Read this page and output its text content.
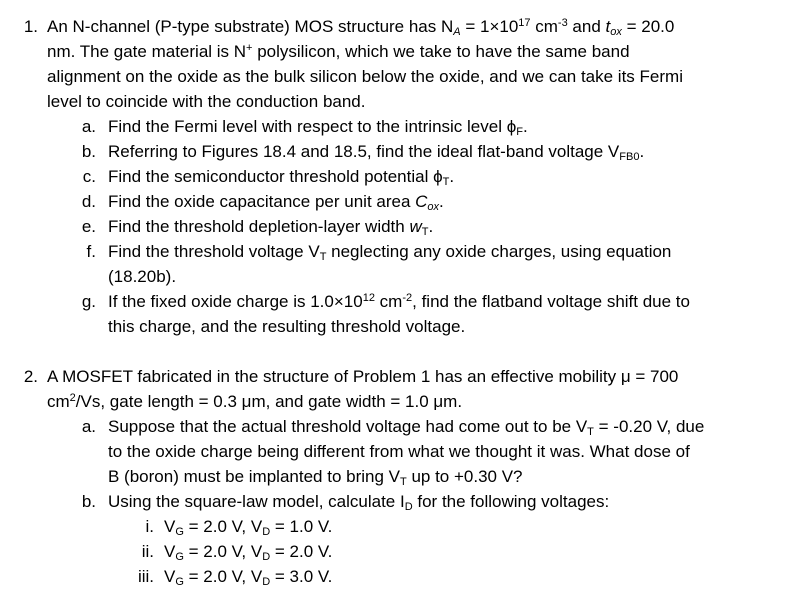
1. An N-channel (P-type substrate) MOS structure has $N_A = 1\times 10^{17}$ $cm^{-3}$ and $t_{ox} = 20.0$
nm. The gate material is N+ polysilicon, which we take to have the same band
alignment on the oxide as the bulk silicon below the oxide, and we can take its Fermi
level to coincide with the conduction band.
a. Find the Fermi level with respect to the intrinsic level $\phi_F$.
b. Referring to Figures 18.4 and 18.5, find the ideal flat-band voltage $V_{FB0}$.
c. Find the semiconductor threshold potential $\phi_T$.
d. Find the oxide capacitance per unit area $C_{ox}$.
e. Find the threshold depletion-layer width $w_T$.
f. Find the threshold voltage $V_T$ neglecting any oxide charges, using equation
(18.20b).
g. If the fixed oxide charge is $1.0\times 10^{12}$ $cm^{-2}$, find the flatband voltage shift due to
this charge, and the resulting threshold voltage.
2. A MOSFET fabricated in the structure of Problem 1 has an effective mobility μ = 700
$cm^2/Vs$, gate length = 0.3 μm, and gate width = 1.0 μm.
a. Suppose that the actual threshold voltage had come out to be $V_T = -0.20$ V, due
to the oxide charge being different from what we thought it was. What dose of
B (boron) must be implanted to bring $V_T$ up to +0.30 V?
b. Using the square-law model, calculate $I_D$ for the following voltages:
i. $V_G = 2.0$ V, $V_D = 1.0$ V.
ii. $V_G = 2.0$ V, $V_D = 2.0$ V.
iii. $V_G = 2.0$ V, $V_D = 3.0$ V.
